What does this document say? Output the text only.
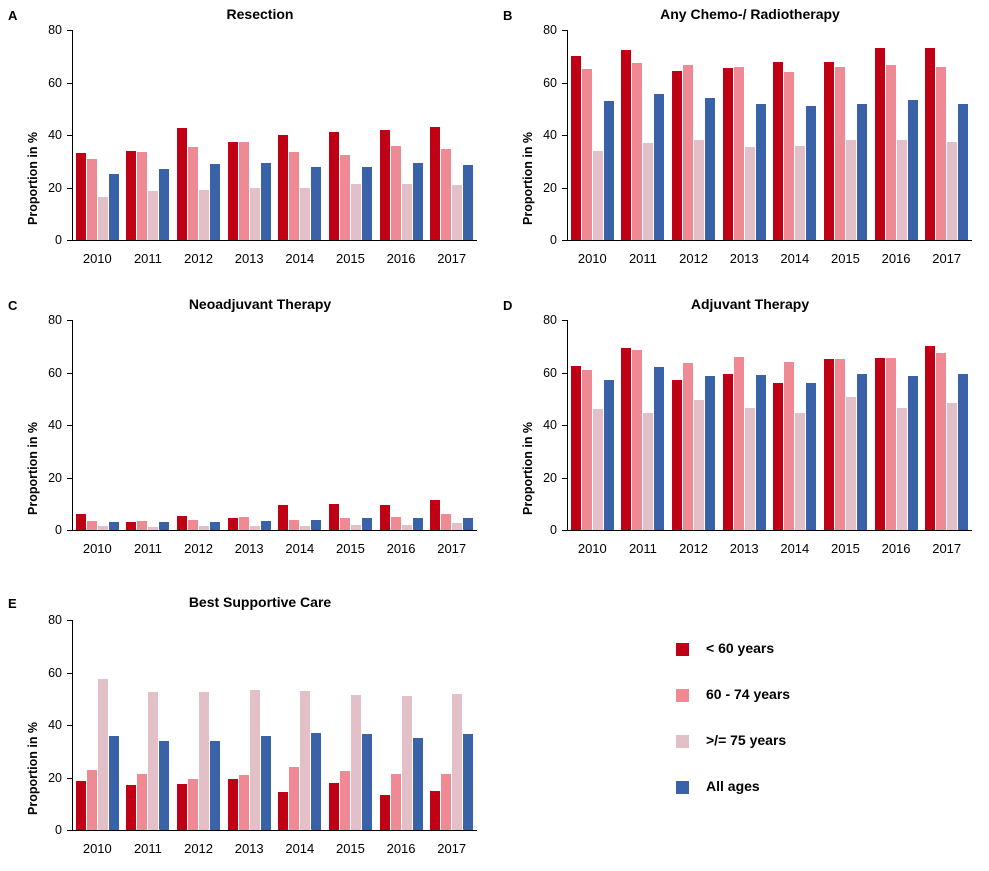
A	Resection
Proportion in %
0
20
40
60
80
2010	2011	2012	2013	2014	2015	2016	2017
B	Any Chemo-/ Radiotherapy
Proportion in %
0
20
40
60
80
2010	2011	2012	2013	2014	2015	2016	2017
C	Neoadjuvant Therapy
Proportion in %
0
20
40
60
80
2010	2011	2012	2013	2014	2015	2016	2017
D	Adjuvant Therapy
Proportion in %
0
20
40
60
80
2010	2011	2012	2013	2014	2015	2016	2017
E	Best Supportive Care
Proportion in %
0
20
40
60
80
2010	2011	2012	2013	2014	2015	2016	2017
< 60 years
60 - 74 years
>/= 75 years
All ages
